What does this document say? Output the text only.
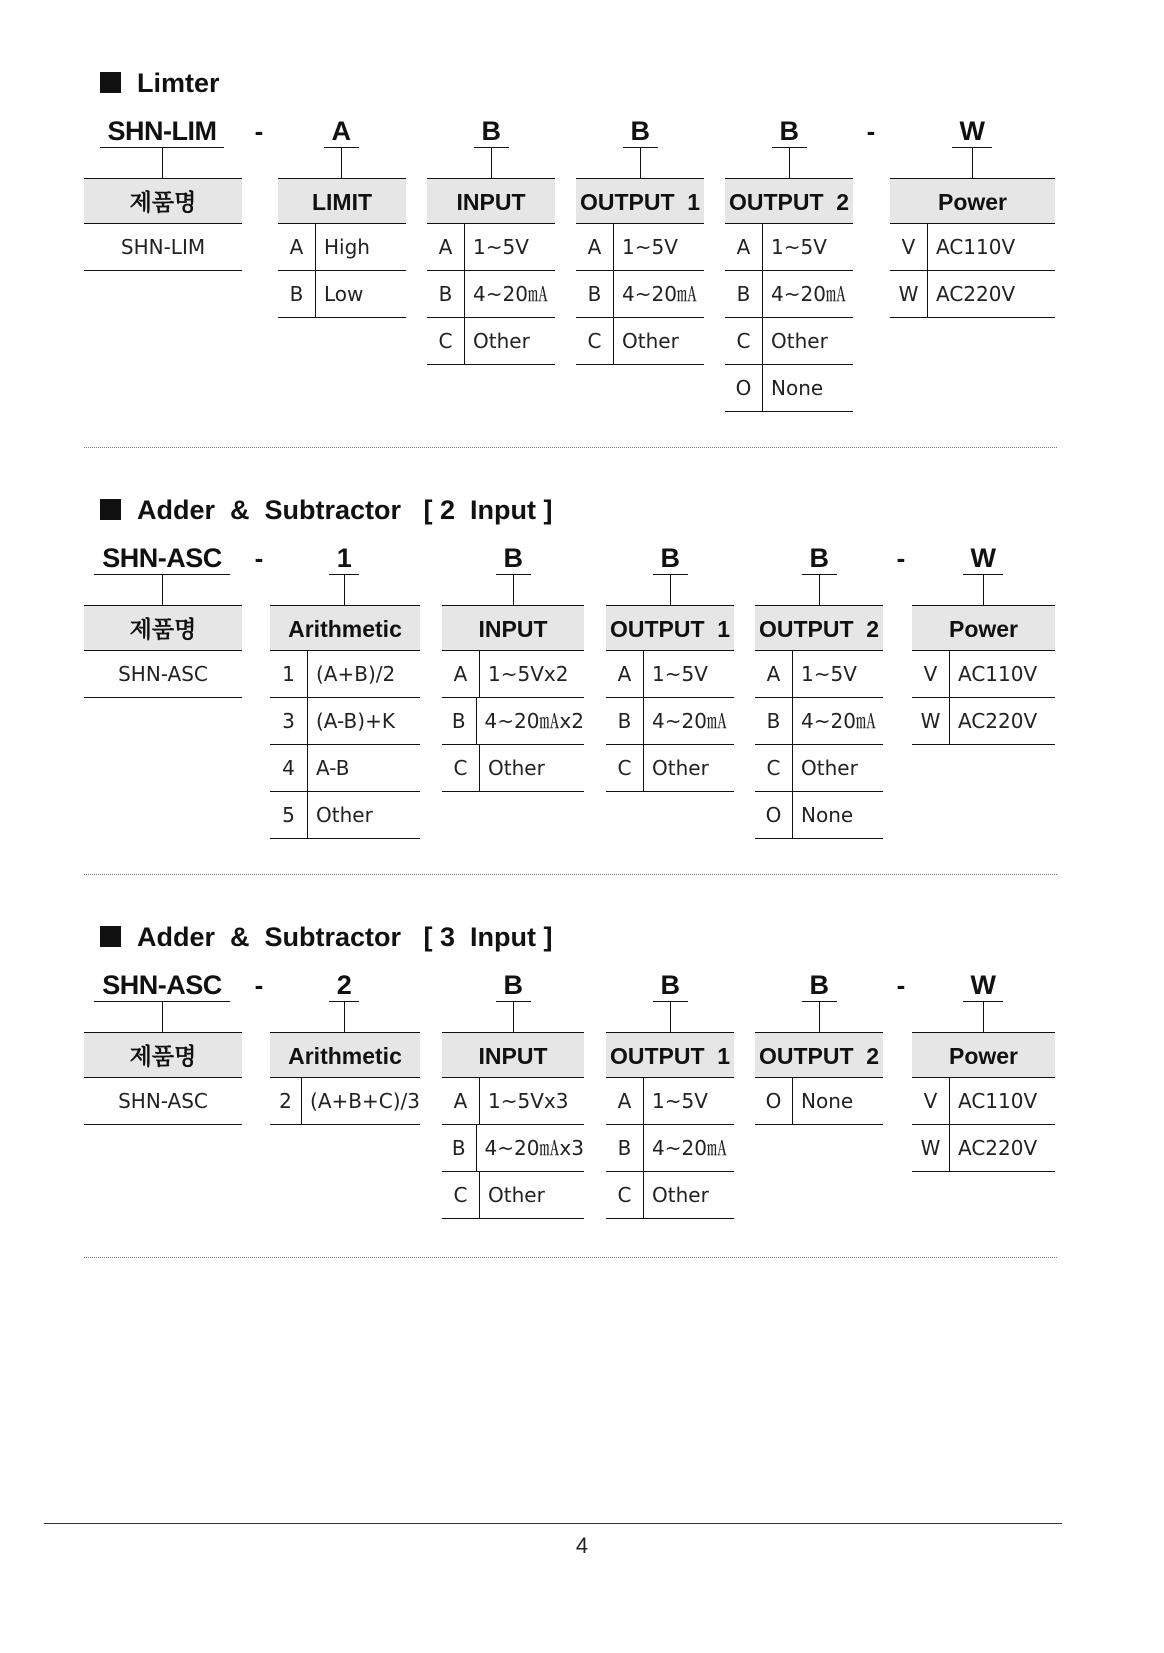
Limter
SHN-LIM	A	B	B	B	W
-	-
제품명
SHN-LIM
LIMIT
A	High
B	Low
INPUT
A	1~5V
B	4~20㎃
C	Other
OUTPUT  1
A	1~5V
B	4~20㎃
C	Other
OUTPUT  2
A	1~5V
B	4~20㎃
C	Other
O None
Power
V	AC110V
W AC220V
Adder  &  Subtractor   [ 2  Input ]
SHN-ASC	1	B	B	B	W
-	-
제품명
SHN-ASC
Arithmetic
1	(A+B)/2
3	(A-B)+K
4	A-B
5	Other
INPUT
A	1~5Vx2
B 4~20㎃x2
C	Other
OUTPUT  1
A	1~5V
B	4~20㎃
C	Other
OUTPUT  2
A	1~5V
B	4~20㎃
C	Other
O None
Power
V	AC110V
W AC220V
Adder  &  Subtractor   [ 3  Input ]
SHN-ASC	2	B	B	B	W
-	-
제품명
SHN-ASC
Arithmetic
2 (A+B+C)/3
INPUT
A	1~5Vx3
B 4~20㎃x3
C	Other
OUTPUT  1
A	1~5V
B	4~20㎃
C	Other
OUTPUT  2
O None
Power
V	AC110V
W AC220V
4
